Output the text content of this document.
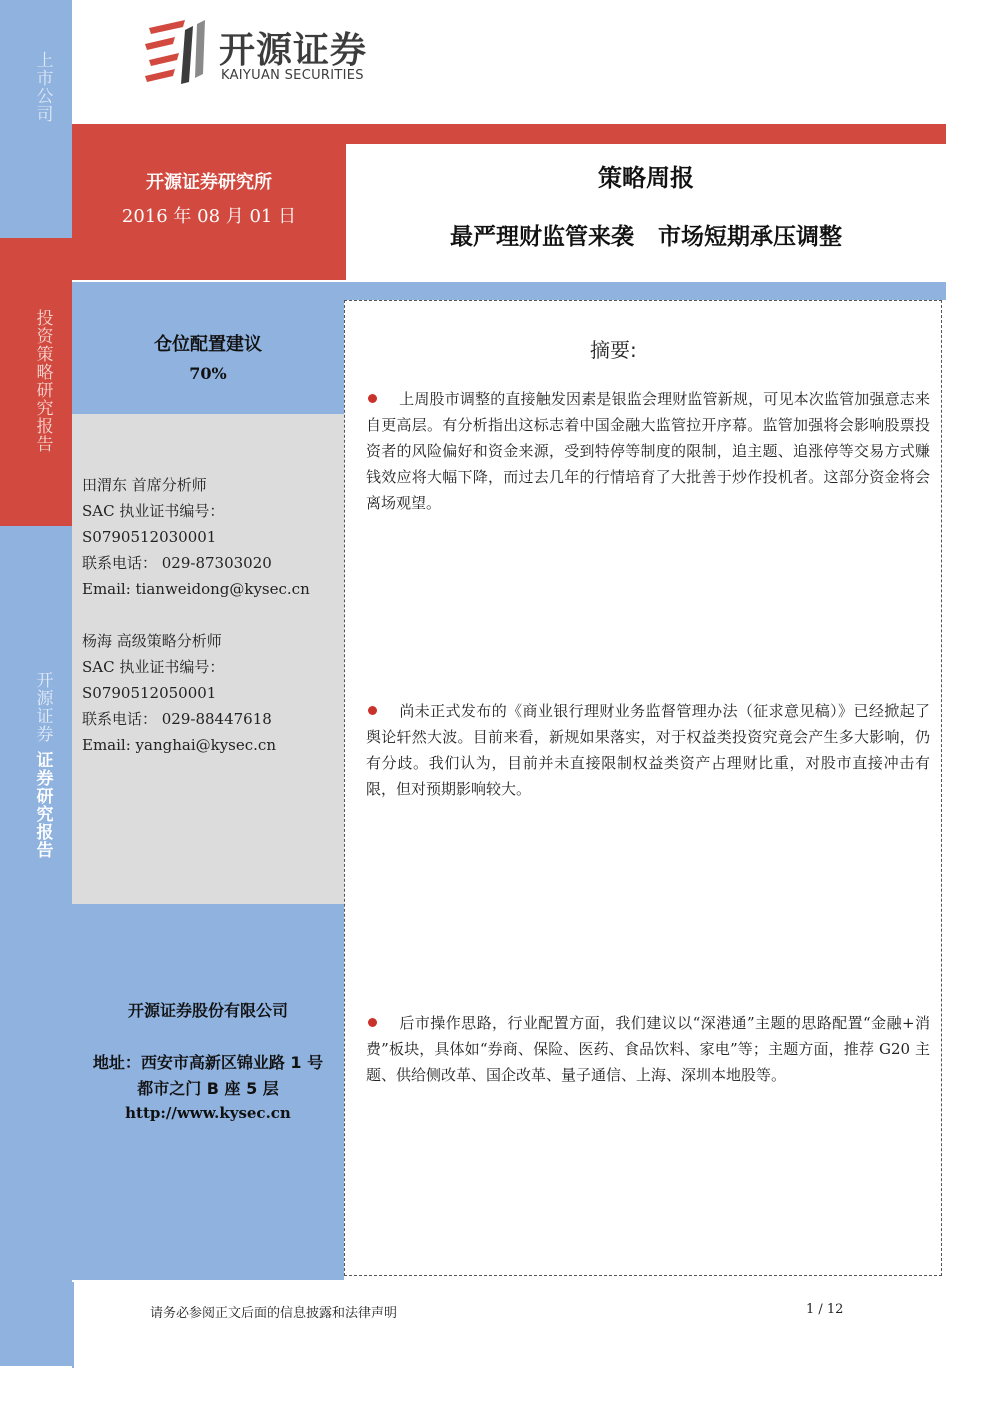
上市公司
投资策略研究报告
开源证券
证券研究报告
开源证券
KAIYUAN SECURITIES
开源证券研究所
2016 年 08 月 01 日
策略周报
最严理财监管来袭   市场短期承压调整
仓位配置建议
70%
田渭东 首席分析师
SAC 执业证书编号：
S0790512030001
联系电话： 029-87303020
Email: tianweidong@kysec.cn
杨海 高级策略分析师
SAC 执业证书编号：
S0790512050001
联系电话： 029-88447618
Email: yanghai@kysec.cn
开源证券股份有限公司
地址：西安市高新区锦业路 1 号
都市之门 B 座 5 层
http://www.kysec.cn
摘要:
上周股市调整的直接触发因素是银监会理财监管新规，可见本次监管加强意志来自更高层。有分析指出这标志着中国金融大监管拉开序幕。监管加强将会影响股票投资者的风险偏好和资金来源，受到特停等制度的限制，追主题、追涨停等交易方式赚钱效应将大幅下降，而过去几年的行情培育了大批善于炒作投机者。这部分资金将会离场观望。
尚未正式发布的《商业银行理财业务监督管理办法（征求意见稿）》已经掀起了舆论轩然大波。目前来看，新规如果落实，对于权益类投资究竟会产生多大影响，仍有分歧。我们认为，目前并未直接限制权益类资产占理财比重，对股市直接冲击有限，但对预期影响较大。
后市操作思路，行业配置方面，我们建议以“深港通”主题的思路配置“金融+消费”板块，具体如“券商、保险、医药、食品饮料、家电”等；主题方面，推荐 G20 主题、供给侧改革、国企改革、量子通信、上海、深圳本地股等。
请务必参阅正文后面的信息披露和法律声明	1 / 12
